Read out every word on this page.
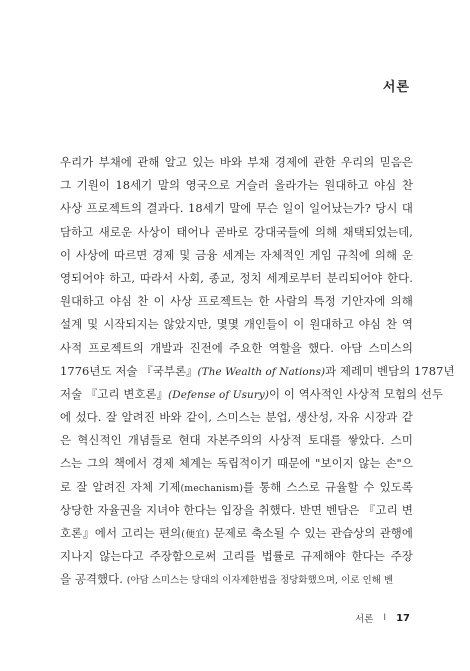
서론
우리가 부채에 관해 알고 있는 바와 부채 경제에 관한 우리의 믿음은
그 기원이 18세기 말의 영국으로 거슬러 올라가는 원대하고 야심 찬
사상 프로젝트의 결과다. 18세기 말에 무슨 일이 일어났는가? 당시 대
담하고 새로운 사상이 태어나 곧바로 강대국들에 의해 채택되었는데,
이 사상에 따르면 경제 및 금융 세계는 자체적인 게임 규칙에 의해 운
영되어야 하고, 따라서 사회, 종교, 정치 세계로부터 분리되어야 한다.
원대하고 야심 찬 이 사상 프로젝트는 한 사람의 특정 기안자에 의해
설계 및 시작되지는 않았지만, 몇몇 개인들이 이 원대하고 야심 찬 역
사적 프로젝트의 개발과 진전에 주요한 역할을 했다. 아담 스미스의
1776년도 저술 『국부론』(The Wealth of Nations)과 제레미 벤담의 1787년
저술 『고리 변호론』(Defense of Usury)이 이 역사적인 사상적 모험의 선두
에 섰다. 잘 알려진 바와 같이, 스미스는 분업, 생산성, 자유 시장과 같
은 혁신적인 개념들로 현대 자본주의의 사상적 토대를 쌓았다. 스미
스는 그의 책에서 경제 체계는 독립적이기 때문에 "보이지 않는 손"으
로 잘 알려진 자체 기제(mechanism)를 통해 스스로 규율할 수 있도록
상당한 자율권을 지녀야 한다는 입장을 취했다. 반면 벤담은 『고리 변
호론』에서 고리는 편의(便宜) 문제로 축소될 수 있는 관습상의 관행에
지나지 않는다고 주장함으로써 고리를 법률로 규제해야 한다는 주장
을 공격했다. (아담 스미스는 당대의 이자제한법을 정당화했으며, 이로 인해 벤
서론 I 17
